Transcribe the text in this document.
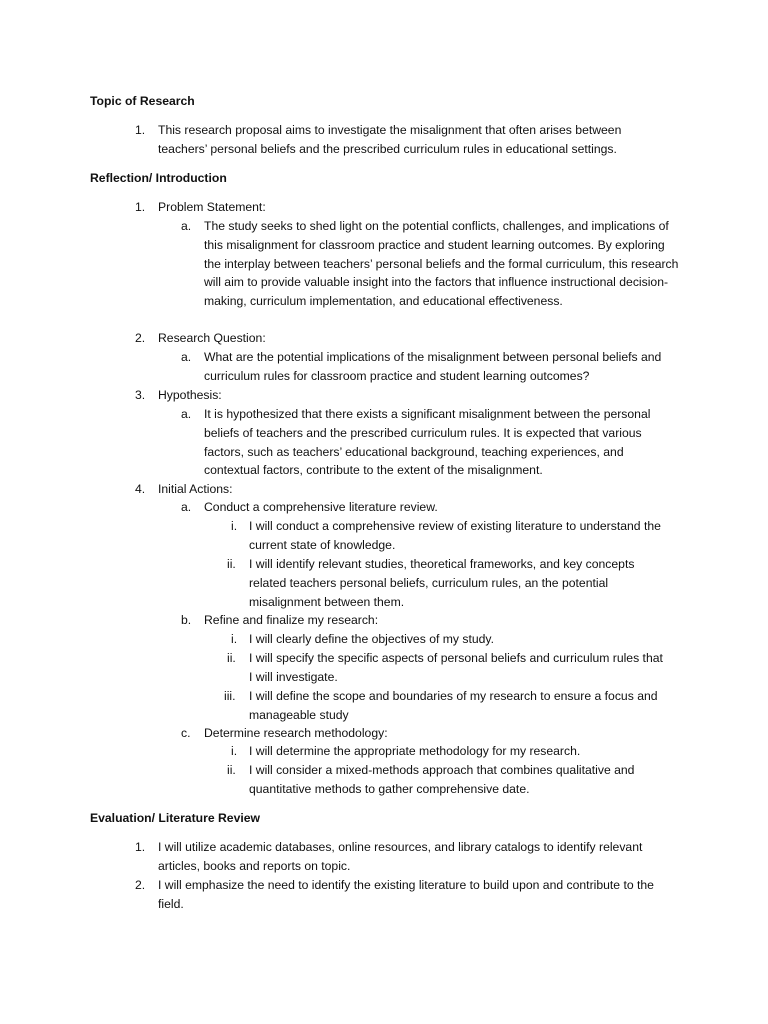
Topic of Research
1. This research proposal aims to investigate the misalignment that often arises between teachers’ personal beliefs and the prescribed curriculum rules in educational settings.
Reflection/ Introduction
1. Problem Statement:
a. The study seeks to shed light on the potential conflicts, challenges, and implications of this misalignment for classroom practice and student learning outcomes. By exploring the interplay between teachers’ personal beliefs and the formal curriculum, this research will aim to provide valuable insight into the factors that influence instructional decision-making, curriculum implementation, and educational effectiveness.
2. Research Question:
a. What are the potential implications of the misalignment between personal beliefs and curriculum rules for classroom practice and student learning outcomes?
3. Hypothesis:
a. It is hypothesized that there exists a significant misalignment between the personal beliefs of teachers and the prescribed curriculum rules. It is expected that various factors, such as teachers’ educational background, teaching experiences, and contextual factors, contribute to the extent of the misalignment.
4. Initial Actions:
a. Conduct a comprehensive literature review.
i. I will conduct a comprehensive review of existing literature to understand the current state of knowledge.
ii. I will identify relevant studies, theoretical frameworks, and key concepts related teachers personal beliefs, curriculum rules, an the potential misalignment between them.
b. Refine and finalize my research:
i. I will clearly define the objectives of my study.
ii. I will specify the specific aspects of personal beliefs and curriculum rules that I will investigate.
iii. I will define the scope and boundaries of my research to ensure a focus and manageable study
c. Determine research methodology:
i. I will determine the appropriate methodology for my research.
ii. I will consider a mixed-methods approach that combines qualitative and quantitative methods to gather comprehensive date.
Evaluation/ Literature Review
1. I will utilize academic databases, online resources, and library catalogs to identify relevant articles, books and reports on topic.
2. I will emphasize the need to identify the existing literature to build upon and contribute to the field.
